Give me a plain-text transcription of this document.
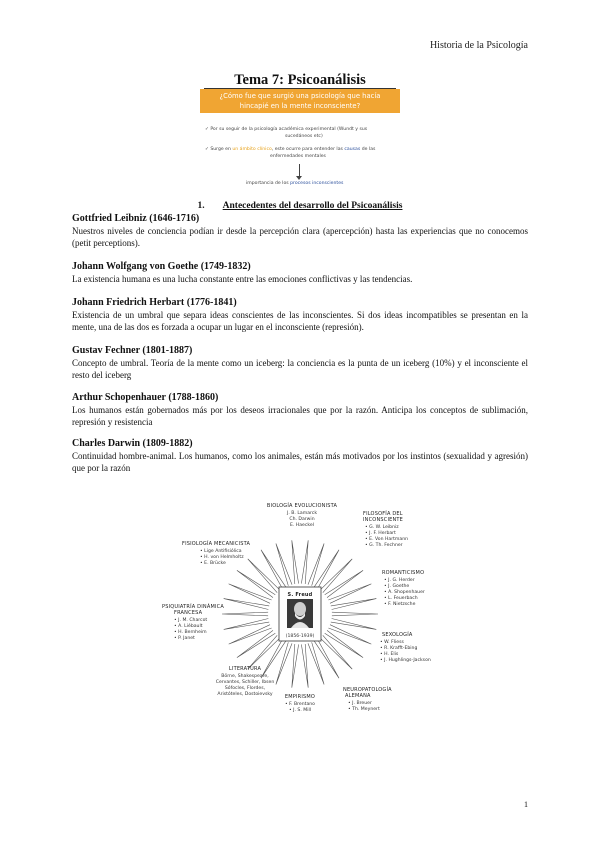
Historia de la Psicología
Tema 7: Psicoanálisis
¿Cómo fue que surgió una psicología que hacía
hincapié en la mente inconsciente?
✓ Por su seguir de la psicología académica experimental (Wundt y sus
sucedáneos etc)
✓ Surge en un ámbito clínico, este ocurre para entender las causas de las
enfermedades mentales
importancia de los procesos inconscientes
1. Antecedentes del desarrollo del Psicoanálisis
Gottfried Leibniz (1646-1716)

Nuestros niveles de conciencia podían ir desde la percepción clara (apercepción) hasta las experiencias que no conocemos (petit perceptions).

Johann Wolfgang von Goethe (1749-1832)

La existencia humana es una lucha constante entre las emociones conflictivas y las tendencias.

Johann Friedrich Herbart (1776-1841)

Existencia de un umbral que separa ideas conscientes de las inconscientes. Si dos ideas incompatibles se presentan en la mente, una de las dos es forzada a ocupar un lugar en el inconsciente (represión).

Gustav Fechner (1801-1887)

Concepto de umbral. Teoría de la mente como un iceberg: la conciencia es la punta de un iceberg (10%) y el inconsciente el resto del iceberg

Arthur Schopenhauer (1788-1860)

Los humanos están gobernados más por los deseos irracionales que por la razón. Anticipa los conceptos de sublimación, represión y resistencia

Charles Darwin (1809-1882)

Continuidad hombre-animal. Los humanos, como los animales, están más motivados por los instintos (sexualidad y agresión) que por la razón

S. Freud
(1856-1939)
BIOLOGÍA EVOLUCIONISTA
J. B. Lamarck
Ch. Darwin
E. Haeckel
FILOSOFÍA DEL
INCONSCIENTE
• G. W. Leibniz
• J. F. Herbart
• E. Von Hartmann
• G. Th. Fechner
ROMANTICISMO
• J. G. Herder
• J. Goethe
• A. Shopenhauer
• L. Feuerbach
• F. Nietzsche
SEXOLOGÍA
• W. Fliess
• R. Krafft-Ebing
• H. Elis
• J. Hughlings-Jackson
NEUROPATOLOGÍA
ALEMANA
• J. Breuer
• Th. Meynert
EMPIRISMO
• F. Brentano
• J. S. Mill
LITERATURA
Börne, Shakespeare,
Cervantes, Schiller, Ibsen
Sófocles, Flordes,
Aristóteles, Dostoievsky
PSIQUIATRÍA DINÁMICA
FRANCESA
• J. M. Charcot
• A. Liébault
• H. Bernheim
• P. Janet
FISIOLOGÍA MECANICISTA
• Lige Antifisiólica
• H. von Helmholtz
• E. Brücke
1
